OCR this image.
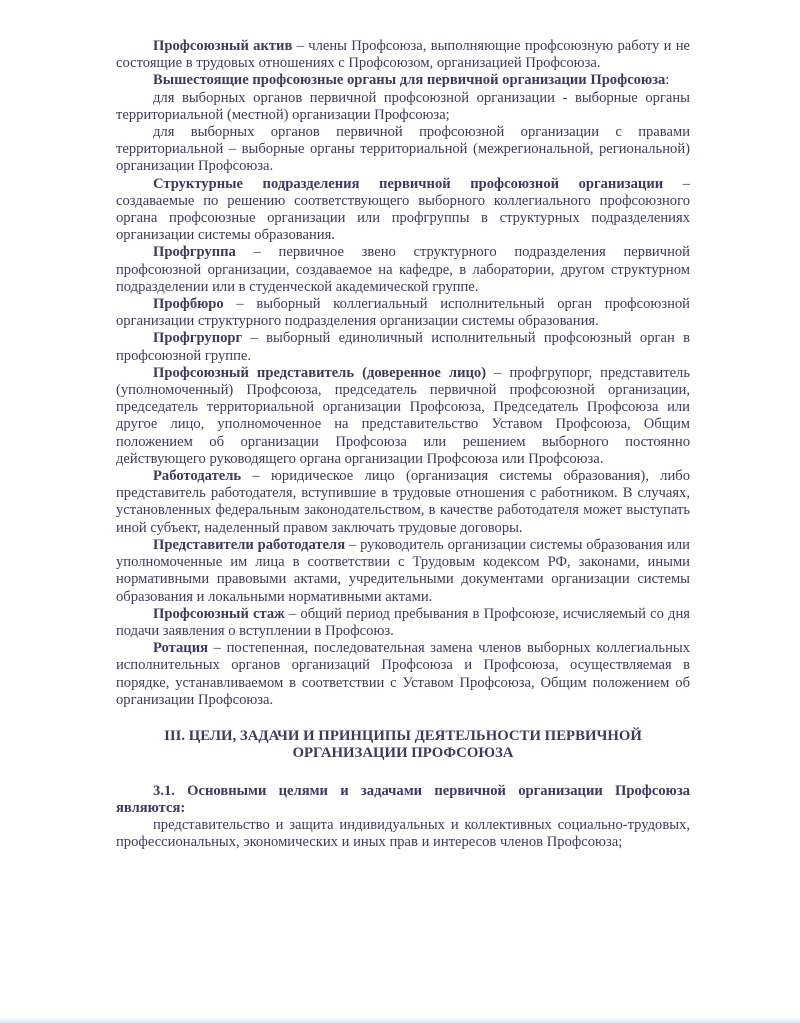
Профсоюзный актив – члены Профсоюза, выполняющие профсоюзную работу и не состоящие в трудовых отношениях с Профсоюзом, организацией Профсоюза.

Вышестоящие профсоюзные органы для первичной организации Профсоюза:

для выборных органов первичной профсоюзной организации - выборные органы территориальной (местной) организации Профсоюза;

для выборных органов первичной профсоюзной организации с правами территориальной – выборные органы территориальной (межрегиональной, региональной) организации Профсоюза.

Структурные подразделения первичной профсоюзной организации – создаваемые по решению соответствующего выборного коллегиального профсоюзного органа профсоюзные организации или профгруппы в структурных подразделениях организации системы образования.

Профгруппа – первичное звено структурного подразделения первичной профсоюзной организации, создаваемое на кафедре, в лаборатории, другом структурном подразделении или в студенческой академической группе.

Профбюро – выборный коллегиальный исполнительный орган профсоюзной организации структурного подразделения организации системы образования.

Профгрупорг – выборный единоличный исполнительный профсоюзный орган в профсоюзной группе.

Профсоюзный представитель (доверенное лицо) – профгрупорг, представитель (уполномоченный) Профсоюза, председатель первичной профсоюзной организации, председатель территориальной организации Профсоюза, Председатель Профсоюза или другое лицо, уполномоченное на представительство Уставом Профсоюза, Общим положением об организации Профсоюза или решением выборного постоянно действующего руководящего органа организации Профсоюза или Профсоюза.

Работодатель – юридическое лицо (организация системы образования), либо представитель работодателя, вступившие в трудовые отношения с работником. В случаях, установленных федеральным законодательством, в качестве работодателя может выступать иной субъект, наделенный правом заключать трудовые договоры.

Представители работодателя – руководитель организации системы образования или уполномоченные им лица в соответствии с Трудовым кодексом РФ, законами, иными нормативными правовыми актами, учредительными документами организации системы образования и локальными нормативными актами.

Профсоюзный стаж – общий период пребывания в Профсоюзе, исчисляемый со дня подачи заявления о вступлении в Профсоюз.

Ротация – постепенная, последовательная замена членов выборных коллегиальных исполнительных органов организаций Профсоюза и Профсоюза, осуществляемая в порядке, устанавливаемом в соответствии с Уставом Профсоюза, Общим положением об организации Профсоюза.

III. ЦЕЛИ, ЗАДАЧИ И ПРИНЦИПЫ ДЕЯТЕЛЬНОСТИ ПЕРВИЧНОЙ ОРГАНИЗАЦИИ ПРОФСОЮЗА

3.1. Основными целями и задачами первичной организации Профсоюза являются:

представительство и защита индивидуальных и коллективных социально-трудовых, профессиональных, экономических и иных прав и интересов членов Профсоюза;
